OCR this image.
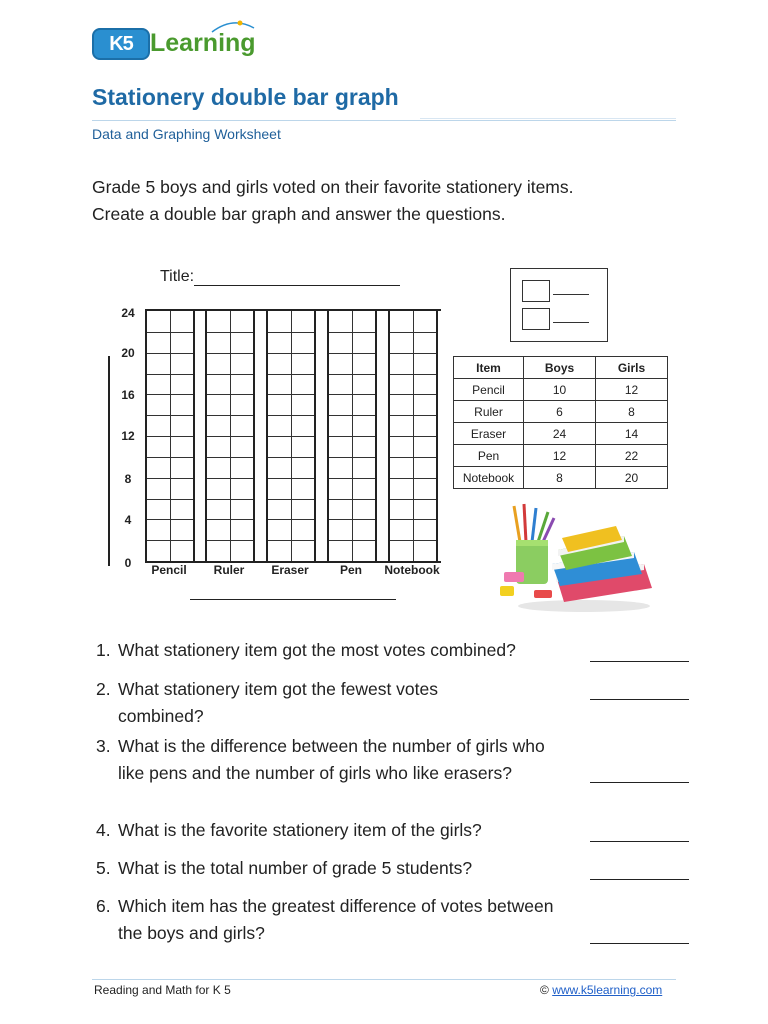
K5 Learning
Stationery double bar graph
Data and Graphing Worksheet
Grade 5 boys and girls voted on their favorite stationery items.
Create a double bar graph and answer the questions.
Title:
24
20
16
12
8
4
0	Pencil	Ruler	Eraser	Pen	Notebook
Item	Boys	Girls
Pencil	10	12
Ruler	6	8
Eraser	24	14
Pen	12	22
Notebook	8	20
1. What stationery item got the most votes combined?
2. What stationery item got the fewest votes combined?
3. What is the difference between the number of girls who like pens and the number of girls who like erasers?
4. What is the favorite stationery item of the girls?
5. What is the total number of grade 5 students?
6. Which item has the greatest difference of votes between the boys and girls?
Reading and Math for K 5	© www.k5learning.com
